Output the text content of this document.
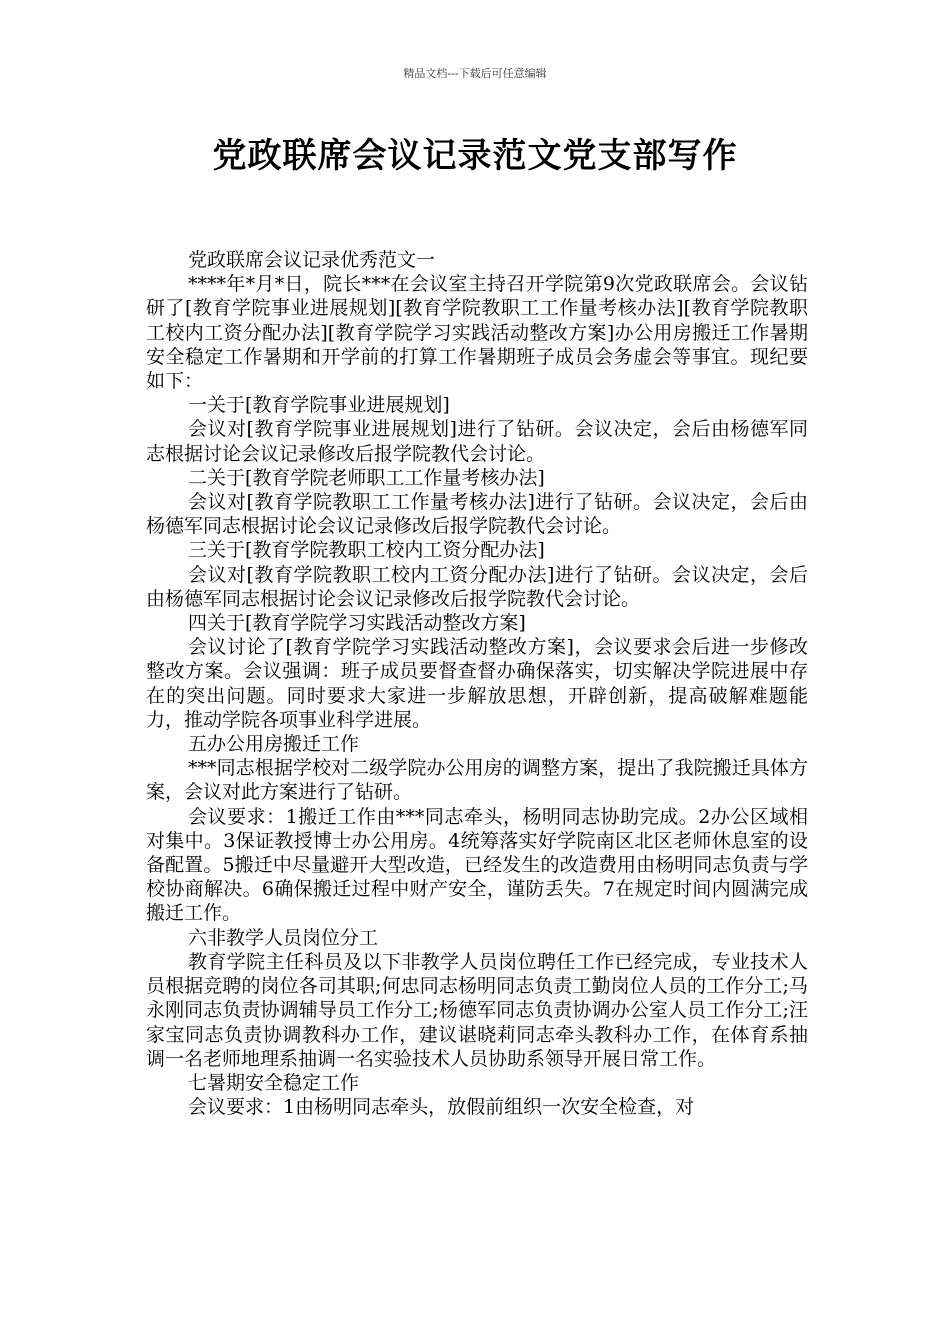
精品文档---下载后可任意编辑
党政联席会议记录范文党支部写作

党政联席会议记录优秀范文一

****年*月*日，院长***在会议室主持召开学院第9次党政联席会。会议钻研了[教育学院事业进展规划][教育学院教职工工作量考核办法][教育学院教职工校内工资分配办法][教育学院学习实践活动整改方案]办公用房搬迁工作暑期安全稳定工作暑期和开学前的打算工作暑期班子成员会务虚会等事宜。现纪要如下：

一关于[教育学院事业进展规划]

会议对[教育学院事业进展规划]进行了钻研。会议决定，会后由杨德军同志根据讨论会议记录修改后报学院教代会讨论。

二关于[教育学院老师职工工作量考核办法]

会议对[教育学院教职工工作量考核办法]进行了钻研。会议决定，会后由杨德军同志根据讨论会议记录修改后报学院教代会讨论。

三关于[教育学院教职工校内工资分配办法]

会议对[教育学院教职工校内工资分配办法]进行了钻研。会议决定，会后由杨德军同志根据讨论会议记录修改后报学院教代会讨论。

四关于[教育学院学习实践活动整改方案]

会议讨论了[教育学院学习实践活动整改方案]，会议要求会后进一步修改整改方案。会议强调：班子成员要督查督办确保落实，切实解决学院进展中存在的突出问题。同时要求大家进一步解放思想，开辟创新，提高破解难题能力，推动学院各项事业科学进展。

五办公用房搬迁工作

***同志根据学校对二级学院办公用房的调整方案，提出了我院搬迁具体方案，会议对此方案进行了钻研。

会议要求：1搬迁工作由***同志牵头，杨明同志协助完成。2办公区域相对集中。3保证教授博士办公用房。4统筹落实好学院南区北区老师休息室的设备配置。5搬迁中尽量避开大型改造，已经发生的改造费用由杨明同志负责与学校协商解决。6确保搬迁过程中财产安全，谨防丢失。7在规定时间内圆满完成搬迁工作。

六非教学人员岗位分工

教育学院主任科员及以下非教学人员岗位聘任工作已经完成，专业技术人员根据竞聘的岗位各司其职;何忠同志杨明同志负责工勤岗位人员的工作分工;马永刚同志负责协调辅导员工作分工;杨德军同志负责协调办公室人员工作分工;汪家宝同志负责协调教科办工作，建议谌晓莉同志牵头教科办工作，在体育系抽调一名老师地理系抽调一名实验技术人员协助系领导开展日常工作。

七暑期安全稳定工作

会议要求：1由杨明同志牵头，放假前组织一次安全检查，对
